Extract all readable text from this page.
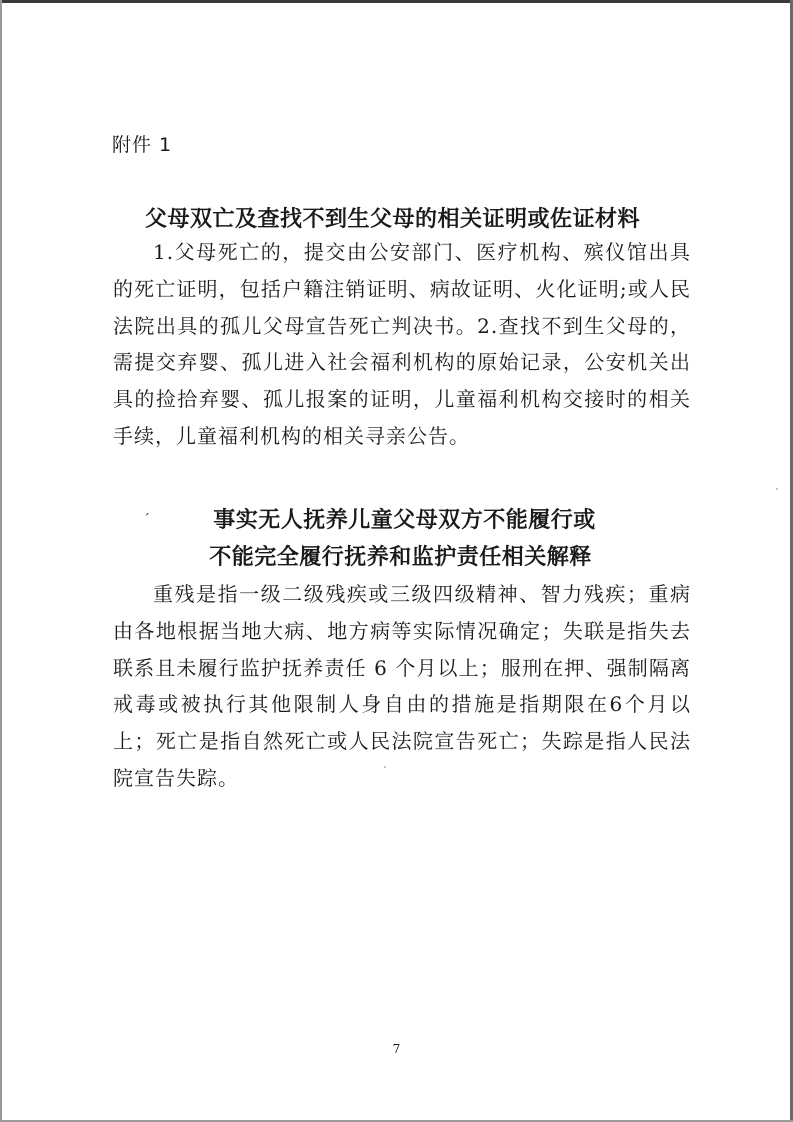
附件 1
父母双亡及查找不到生父母的相关证明或佐证材料
1.父母死亡的，提交由公安部门、医疗机构、殡仪馆出具的死亡证明，包括户籍注销证明、病故证明、火化证明;或人民法院出具的孤儿父母宣告死亡判决书。2.查找不到生父母的，需提交弃婴、孤儿进入社会福利机构的原始记录，公安机关出具的捡拾弃婴、孤儿报案的证明，儿童福利机构交接时的相关手续，儿童福利机构的相关寻亲公告。
ˊ	事实无人抚养儿童父母双方不能履行或
不能完全履行抚养和监护责任相关解释
重残是指一级二级残疾或三级四级精神、智力残疾；重病由各地根据当地大病、地方病等实际情况确定；失联是指失去联系且未履行监护抚养责任 6 个月以上；服刑在押、强制隔离戒毒或被执行其他限制人身自由的措施是指期限在6个月以上；死亡是指自然死亡或人民法院宣告死亡；失踪是指人民法院宣告失踪。
7
